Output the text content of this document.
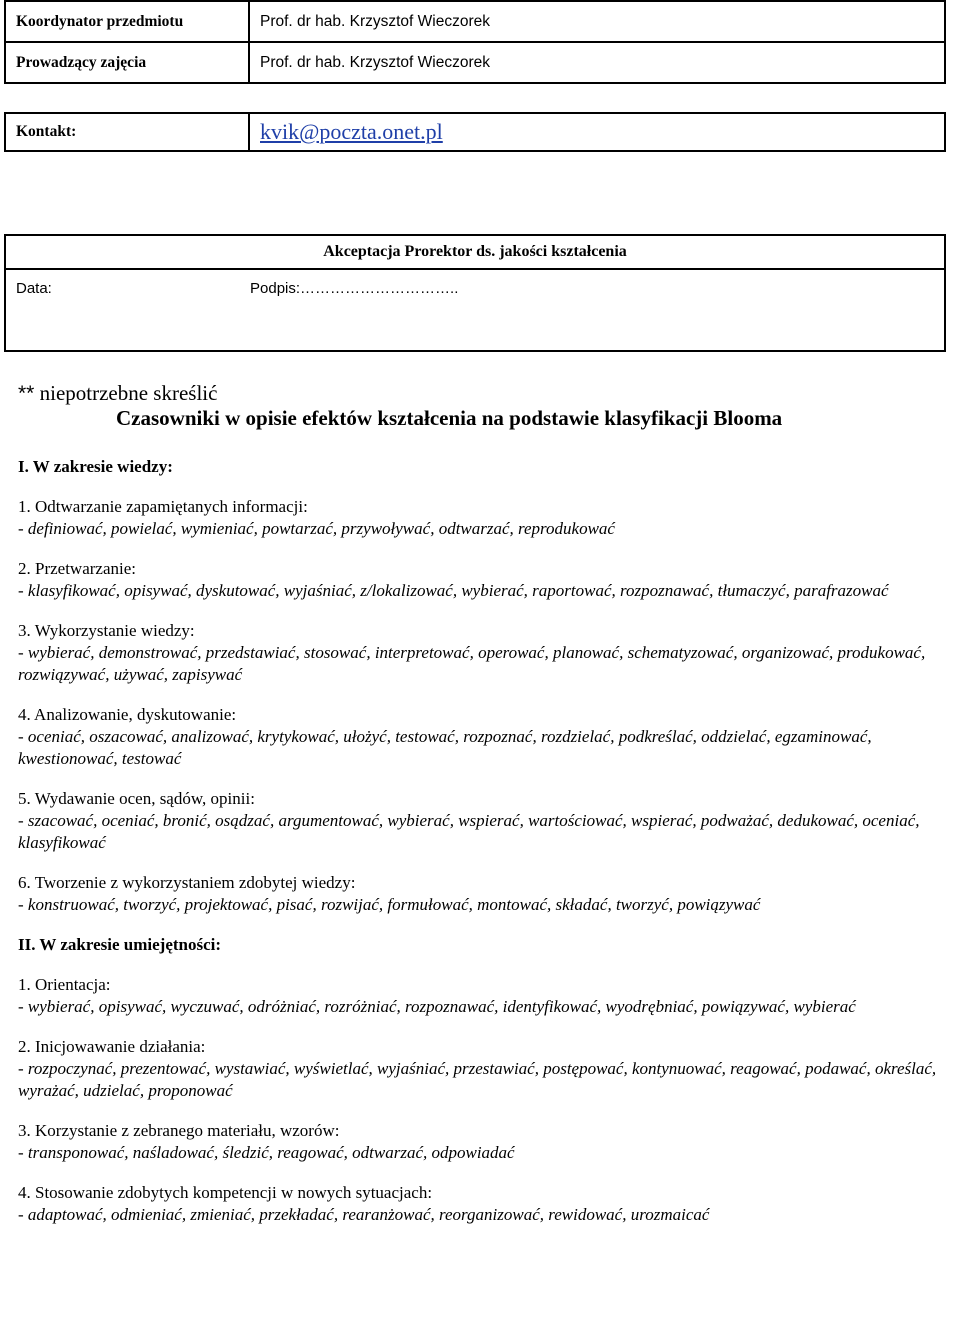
Koordynator przedmiotu	Prof. dr hab. Krzysztof Wieczorek
Prowadzący zajęcia	Prof. dr hab. Krzysztof Wieczorek
Kontakt:	kvik@poczta.onet.pl
Akceptacja Prorektor ds. jakości kształcenia

Data:	Podpis:…………………………..
** niepotrzebne skreślić
Czasowniki w opisie efektów kształcenia na podstawie klasyfikacji Blooma

I. W zakresie wiedzy:

1. Odtwarzanie zapamiętanych informacji:
- definiować, powielać, wymieniać, powtarzać, przywoływać, odtwarzać, reprodukować
2. Przetwarzanie:
- klasyfikować, opisywać, dyskutować, wyjaśniać, z/lokalizować, wybierać, raportować, rozpoznawać, tłumaczyć, parafrazować
3. Wykorzystanie wiedzy:
- wybierać, demonstrować, przedstawiać, stosować, interpretować, operować, planować, schematyzować, organizować, produkować, rozwiązywać, używać, zapisywać
4. Analizowanie, dyskutowanie:
- oceniać, oszacować, analizować, krytykować, ułożyć, testować, rozpoznać, rozdzielać, podkreślać, oddzielać, egzaminować, kwestionować, testować
5. Wydawanie ocen, sądów, opinii:
- szacować, oceniać, bronić, osądzać, argumentować, wybierać, wspierać, wartościować, wspierać, podważać, dedukować, oceniać, klasyfikować
6. Tworzenie z wykorzystaniem zdobytej wiedzy:
- konstruować, tworzyć, projektować, pisać, rozwijać, formułować, montować, składać, tworzyć, powiązywać

II. W zakresie umiejętności:

1. Orientacja:
- wybierać, opisywać, wyczuwać, odróżniać, rozróżniać, rozpoznawać, identyfikować, wyodrębniać, powiązywać, wybierać
2. Inicjowawanie działania:
- rozpoczynać, prezentować, wystawiać, wyświetlać, wyjaśniać, przestawiać, postępować, kontynuować, reagować, podawać, określać, wyrażać, udzielać, proponować
3. Korzystanie z zebranego materiału, wzorów:
- transponować, naśladować, śledzić, reagować, odtwarzać, odpowiadać
4. Stosowanie zdobytych kompetencji w nowych sytuacjach:
- adaptować, odmieniać, zmieniać, przekładać, rearanżować, reorganizować, rewidować, urozmaicać
